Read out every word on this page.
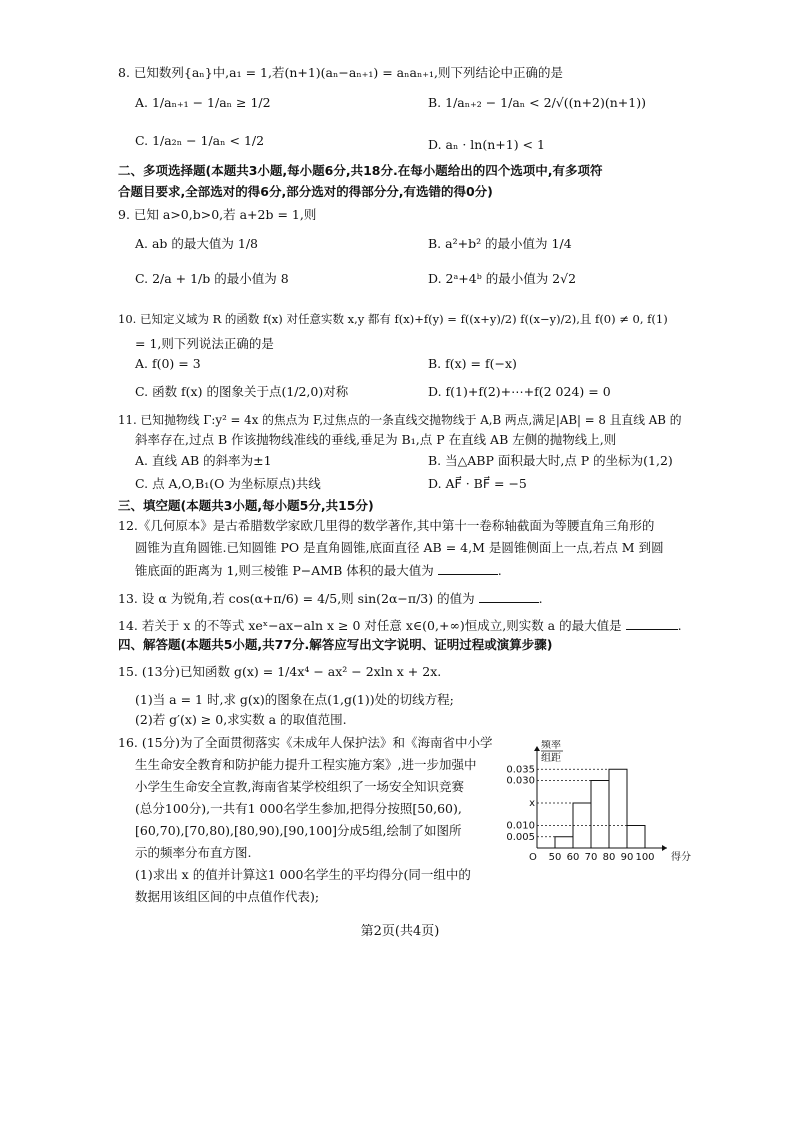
8. 已知数列{aₙ}中,a₁ = 1,若(n+1)(aₙ−aₙ₊₁) = aₙaₙ₊₁,则下列结论中正确的是
A. 1/aₙ₊₁ − 1/aₙ ≥ 1/2	B. 1/aₙ₊₂ − 1/aₙ < 2/√((n+2)(n+1))
C. 1/a₂ₙ − 1/aₙ < 1/2	D. aₙ · ln(n+1) < 1
二、多项选择题(本题共3小题,每小题6分,共18分.在每小题给出的四个选项中,有多项符
合题目要求,全部选对的得6分,部分选对的得部分分,有选错的得0分)
9. 已知 a>0,b>0,若 a+2b = 1,则
A. ab 的最大值为 1/8	B. a²+b² 的最小值为 1/4
C. 2/a + 1/b 的最小值为 8	D. 2ᵃ+4ᵇ 的最小值为 2√2
10. 已知定义域为 R 的函数 f(x) 对任意实数 x,y 都有 f(x)+f(y) = f((x+y)/2) f((x−y)/2),且 f(0) ≠ 0, f(1)
= 1,则下列说法正确的是
A. f(0) = 3	B. f(x) = f(−x)
C. 函数 f(x) 的图象关于点(1/2,0)对称	D. f(1)+f(2)+⋯+f(2 024) = 0
11. 已知抛物线 Γ:y² = 4x 的焦点为 F,过焦点的一条直线交抛物线于 A,B 两点,满足|AB| = 8 且直线 AB 的
斜率存在,过点 B 作该抛物线准线的垂线,垂足为 B₁,点 P 在直线 AB 左侧的抛物线上,则
A. 直线 AB 的斜率为±1	B. 当△ABP 面积最大时,点 P 的坐标为(1,2)
C. 点 A,O,B₁(O 为坐标原点)共线	D. AF⃗ · BF⃗ = −5
三、填空题(本题共3小题,每小题5分,共15分)
12.《几何原本》是古希腊数学家欧几里得的数学著作,其中第十一卷称轴截面为等腰直角三角形的
圆锥为直角圆锥.已知圆锥 PO 是直角圆锥,底面直径 AB = 4,M 是圆锥侧面上一点,若点 M 到圆
锥底面的距离为 1,则三棱锥 P−AMB 体积的最大值为	.
13. 设 α 为锐角,若 cos(α+π/6) = 4/5,则 sin(2α−π/3) 的值为	.
14. 若关于 x 的不等式 xeˣ−ax−aln x ≥ 0 对任意 x∈(0,+∞)恒成立,则实数 a 的最大值是	.
四、解答题(本题共5小题,共77分.解答应写出文字说明、证明过程或演算步骤)
15. (13分)已知函数 g(x) = 1/4x⁴ − ax² − 2xln x + 2x.
(1)当 a = 1 时,求 g(x)的图象在点(1,g(1))处的切线方程;
(2)若 g′(x) ≥ 0,求实数 a 的取值范围.
16. (15分)为了全面贯彻落实《未成年人保护法》和《海南省中小学
生生命安全教育和防护能力提升工程实施方案》,进一步加强中
小学生生命安全宣教,海南省某学校组织了一场安全知识竞赛
(总分100分),一共有1 000名学生参加,把得分按照[50,60),
[60,70),[70,80),[80,90),[90,100]分成5组,绘制了如图所
示的频率分布直方图.
(1)求出 x 的值并计算这1 000名学生的平均得分(同一组中的
数据用该组区间的中点值作代表);
0.035
0.030
x
0.010
0.005
50 60 70 80 90 100
O	得分
频率
组距
第2页(共4页)
